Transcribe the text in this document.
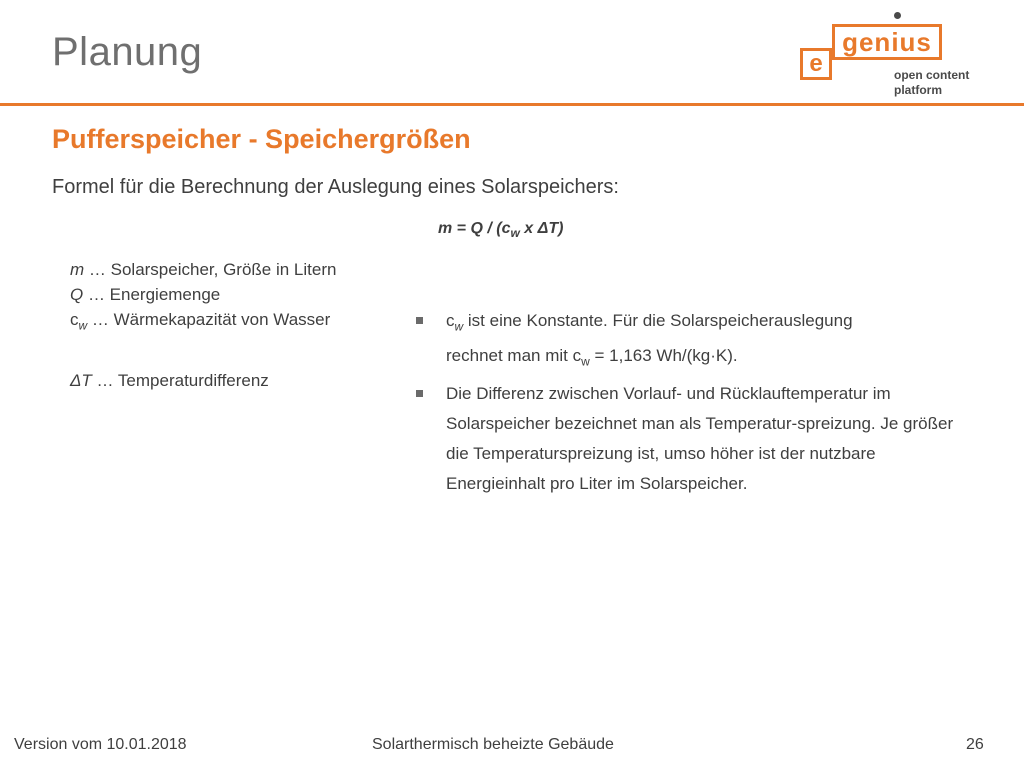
Planung	genius
e	open content
platform
Pufferspeicher - Speichergrößen

Formel für die Berechnung der Auslegung eines Solarspeichers:

$m = Q / (c_w$ x ΔT)
m … Solarspeicher, Größe in Litern
Q … Energiemenge
$c_w$ … Wärmekapazität von Wasser
ΔT … Temperaturdifferenz
$c_w$ ist eine Konstante. Für die Solarspeicherauslegung
rechnet man mit $c_w = 1,163$ Wh/(kg·K).
Die Differenz zwischen Vorlauf- und Rücklauftemperatur im Solarspeicher bezeichnet man als Temperatur-spreizung. Je größer die Temperaturspreizung ist, umso höher ist der nutzbare Energieinhalt pro Liter im Solarspeicher.
Version vom 10.01.2018	Solarthermisch beheizte Gebäude	26
